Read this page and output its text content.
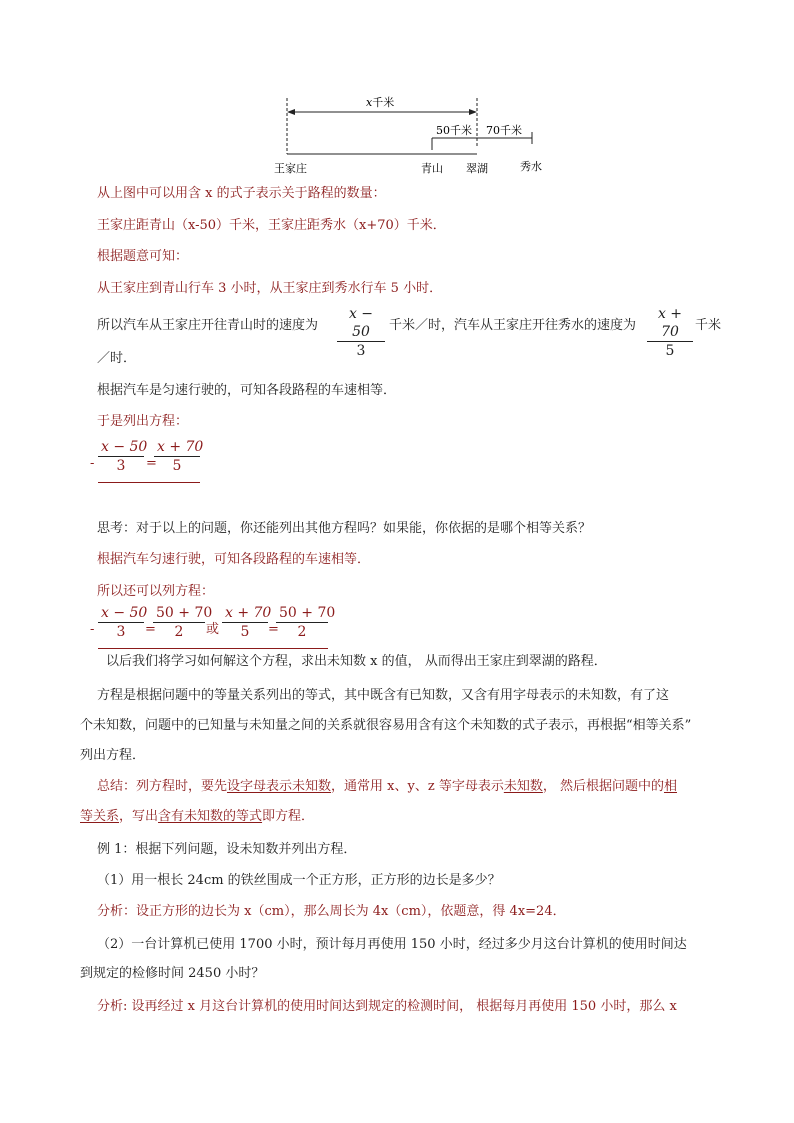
x千米
50千米 70千米
王家庄	青山 翠湖	秀水
从上图中可以用含 x 的式子表示关于路程的数量：
王家庄距青山（x-50）千米，王家庄距秀水（x+70）千米．
根据题意可知：
从王家庄到青山行车 3 小时，从王家庄到秀水行车 5 小时．
所以汽车从王家庄开往青山时的速度为
x − 50
3
千米／时，汽车从王家庄开往秀水的速度为
x + 70
5
千米
／时．
根据汽车是匀速行驶的，可知各段路程的车速相等．
于是列出方程：
-
x − 50
3	=
x + 70
5
思考：对于以上的问题，你还能列出其他方程吗？如果能，你依据的是哪个相等关系？
根据汽车匀速行驶，可知各段路程的车速相等．
所以还可以列方程：
-
x − 50
3	=
50 + 70
2	或
x + 70
5	=
50 + 70
2
以后我们将学习如何解这个方程，求出未知数 x 的值， 从而得出王家庄到翠湖的路程．
方程是根据问题中的等量关系列出的等式，其中既含有已知数，又含有用字母表示的未知数，有了这
个未知数，问题中的已知量与未知量之间的关系就很容易用含有这个未知数的式子表示，再根据“相等关系”
列出方程．
总结：列方程时，要先设字母表示未知数，通常用 x、y、z 等字母表示未知数， 然后根据问题中的相
等关系，写出含有未知数的等式即方程．
例 1：根据下列问题，设未知数并列出方程．
（1）用一根长 24cm 的铁丝围成一个正方形，正方形的边长是多少？
分析：设正方形的边长为 x（cm），那么周长为 4x（cm），依题意，得 4x=24．
（2）一台计算机已使用 1700 小时，预计每月再使用 150 小时，经过多少月这台计算机的使用时间达
到规定的检修时间 2450 小时？
分析: 设再经过 x 月这台计算机的使用时间达到规定的检测时间， 根据每月再使用 150 小时，那么 x
